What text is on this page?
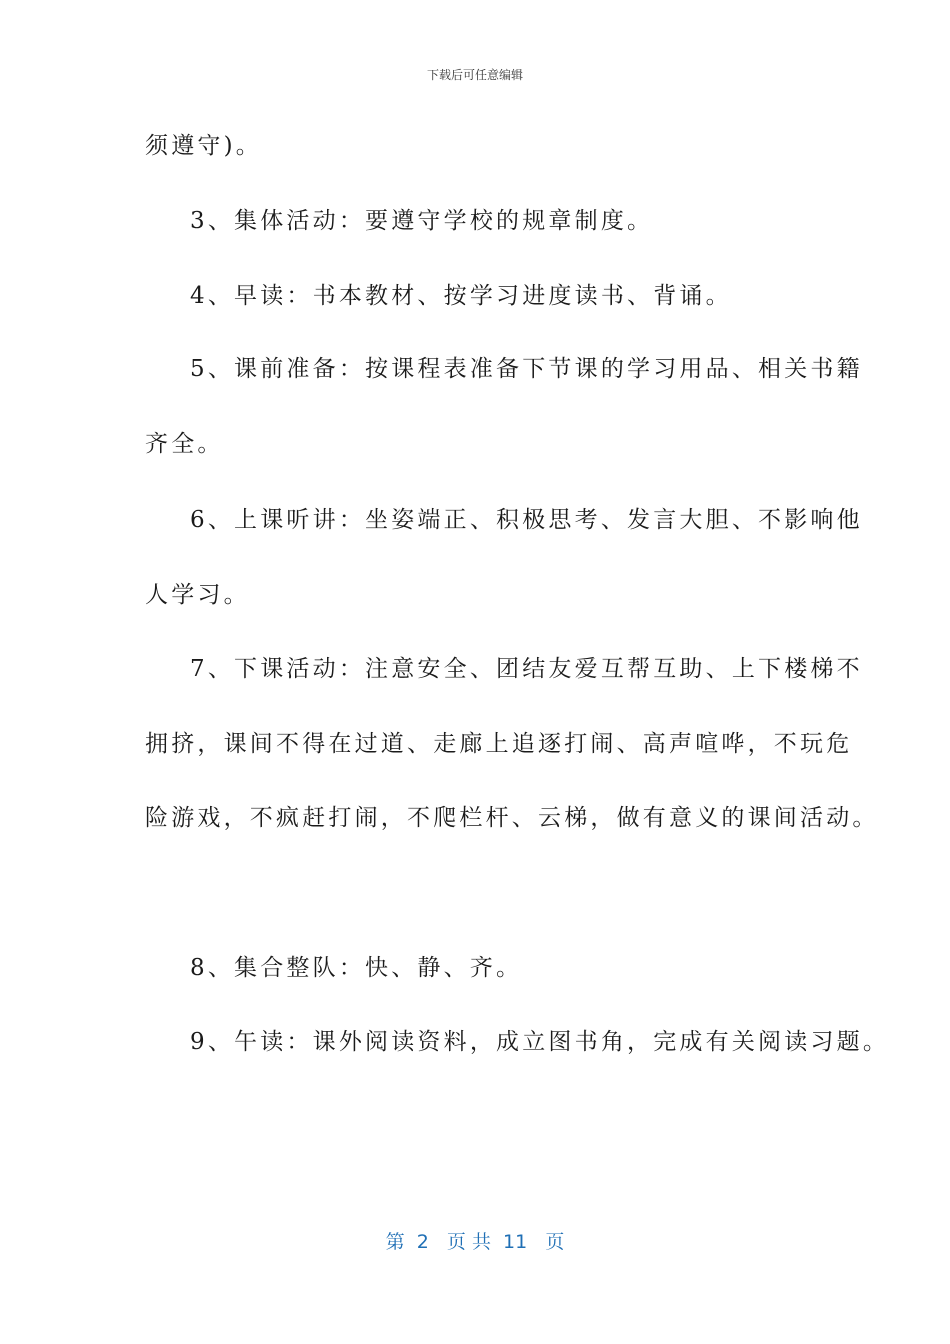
下载后可任意编辑
须遵守)。
3、集体活动：要遵守学校的规章制度。
4、早读：书本教材、按学习进度读书、背诵。
5、课前准备：按课程表准备下节课的学习用品、相关书籍
齐全。
6、上课听讲：坐姿端正、积极思考、发言大胆、不影响他
人学习。
7、下课活动：注意安全、团结友爱互帮互助、上下楼梯不
拥挤，课间不得在过道、走廊上追逐打闹、高声喧哗，不玩危
险游戏，不疯赶打闹，不爬栏杆、云梯，做有意义的课间活动。
8、集合整队：快、静、齐。
9、午读：课外阅读资料，成立图书角，完成有关阅读习题。
第  2   页 共  11   页
